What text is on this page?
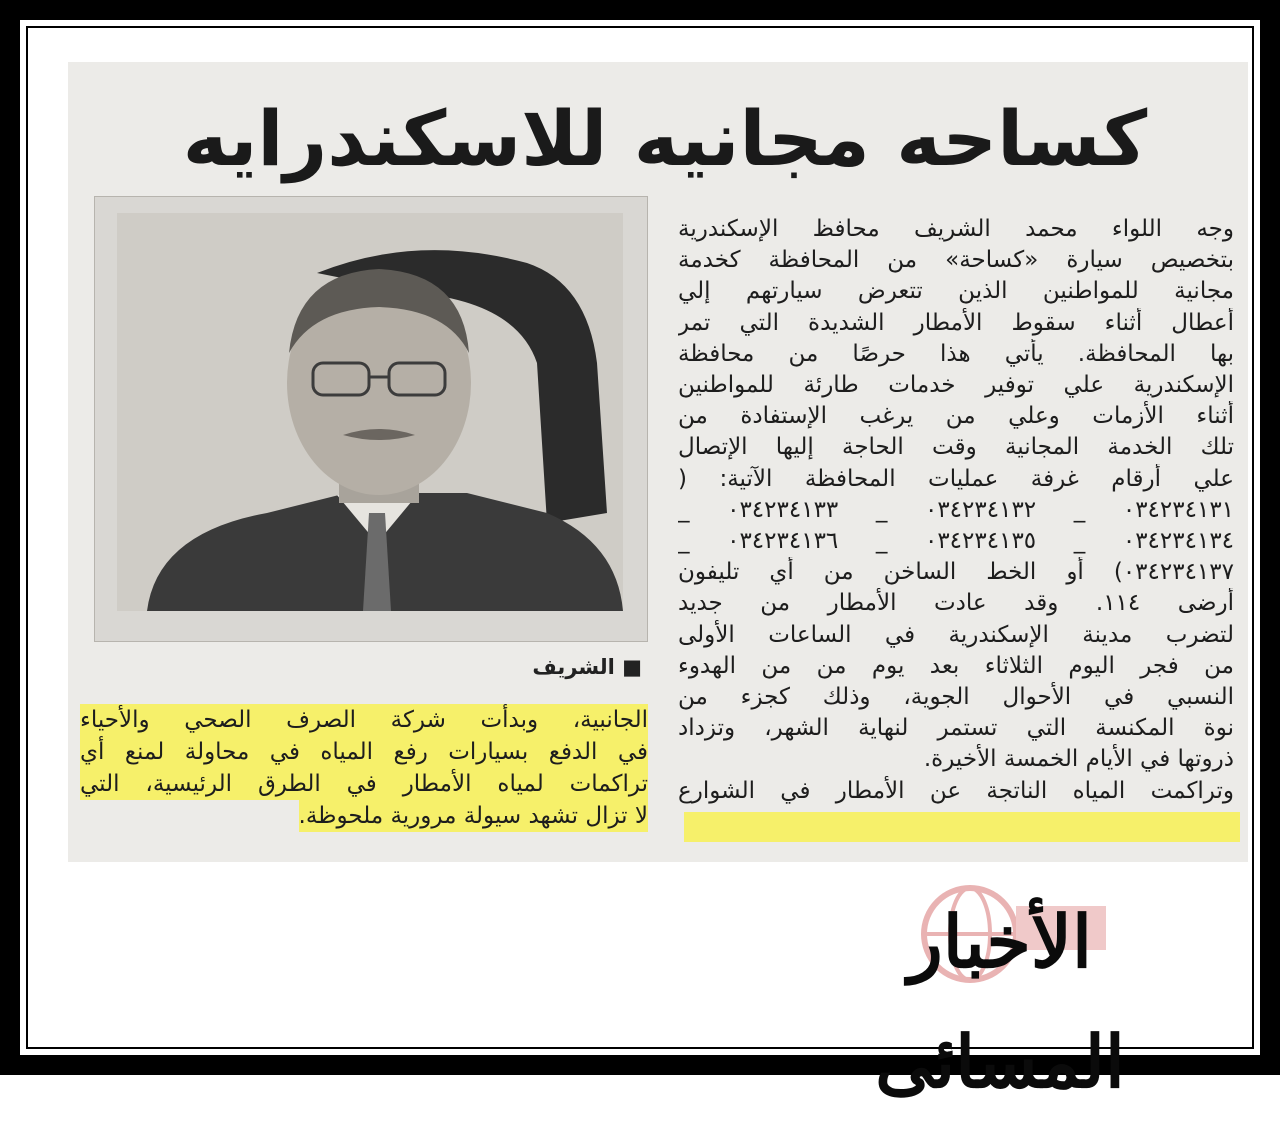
كساحه مجانيه للاسكندرايه
■ الشريف
وجه اللواء محمد الشريف محافظ الإسكندرية
بتخصيص سيارة «كساحة» من المحافظة كخدمة
مجانية للمواطنين الذين تتعرض سيارتهم إلي
أعطال أثناء سقوط الأمطار الشديدة التي تمر
بها المحافظة. يأتي هذا حرصًا من محافظة
الإسكندرية علي توفير خدمات طارئة للمواطنين
أثناء الأزمات وعلي من يرغب الإستفادة من
تلك الخدمة المجانية وقت الحاجة إليها الإتصال
علي أرقام غرفة عمليات المحافظة الآتية: (
٠٣٤٢٣٤١٣١ _ ٠٣٤٢٣٤١٣٢ _ ٠٣٤٢٣٤١٣٣ _
٠٣٤٢٣٤١٣٤ _ ٠٣٤٢٣٤١٣٥ _ ٠٣٤٢٣٤١٣٦ _
٠٣٤٢٣٤١٣٧) أو الخط الساخن من أي تليفون
أرضى ١١٤. وقد عادت الأمطار من جديد
لتضرب مدينة الإسكندرية في الساعات الأولى
من فجر اليوم الثلاثاء بعد يوم من من الهدوء
النسبي في الأحوال الجوية، وذلك كجزء من
نوة المكنسة التي تستمر لنهاية الشهر، وتزداد
ذروتها في الأيام الخمسة الأخيرة.
وتراكمت المياه الناتجة عن الأمطار في الشوارع
الجانبية، وبدأت شركة الصرف الصحي والأحياء
في الدفع بسيارات رفع المياه في محاولة لمنع أي
تراكمات لمياه الأمطار في الطرق الرئيسية، التي
لا تزال تشهد سيولة مرورية ملحوظة.
الأخبار المسائى
